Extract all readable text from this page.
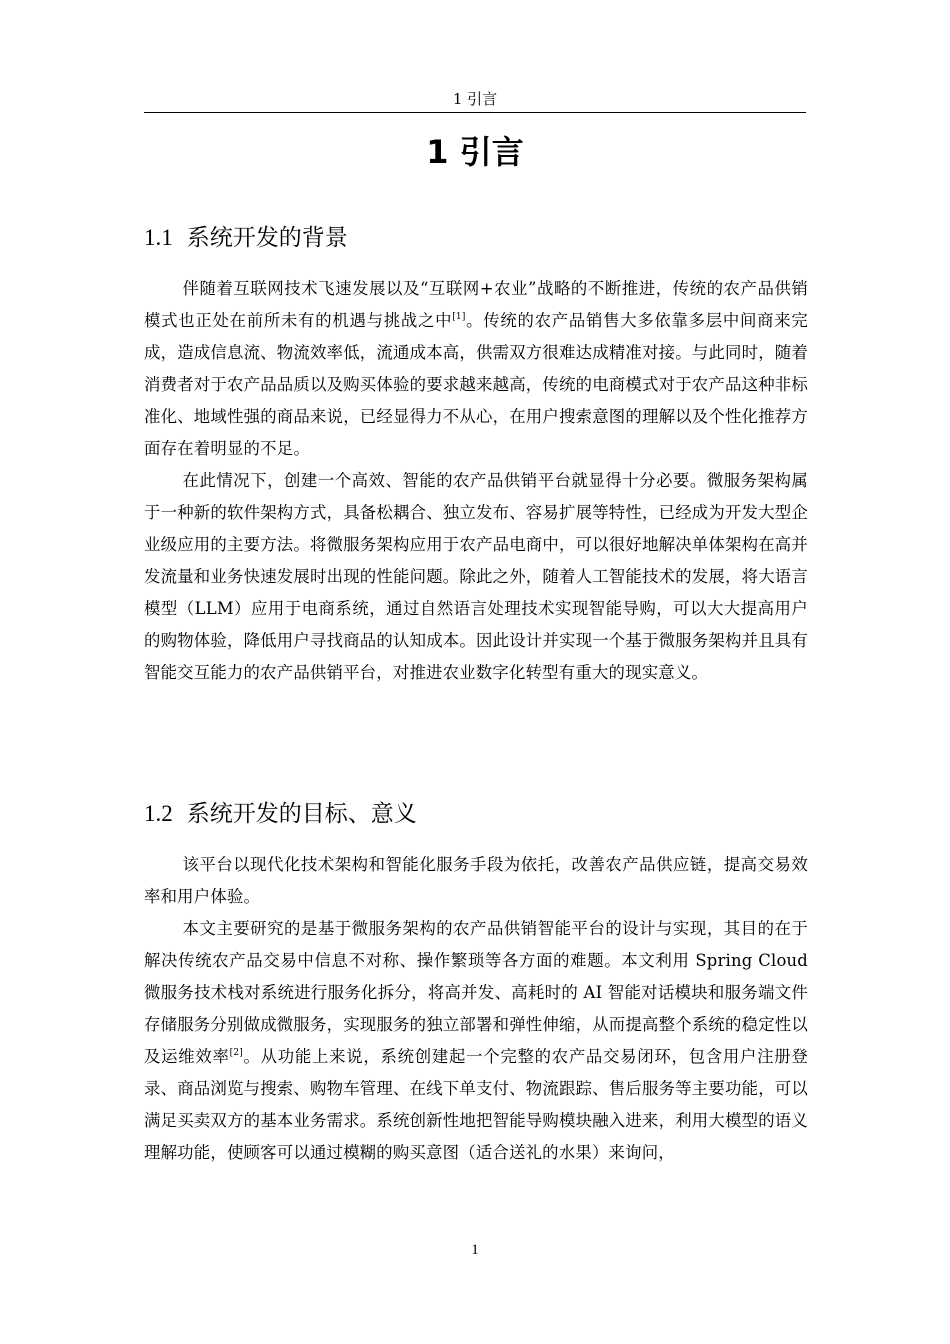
1 引言
1 引言
1.1 系统开发的背景

伴随着互联网技术飞速发展以及“互联网+农业”战略的不断推进，传统的农产品供销模式也正处在前所未有的机遇与挑战之中[1]。传统的农产品销售大多依靠多层中间商来完成，造成信息流、物流效率低，流通成本高，供需双方很难达成精准对接。与此同时，随着消费者对于农产品品质以及购买体验的要求越来越高，传统的电商模式对于农产品这种非标准化、地域性强的商品来说，已经显得力不从心，在用户搜索意图的理解以及个性化推荐方面存在着明显的不足。

在此情况下，创建一个高效、智能的农产品供销平台就显得十分必要。微服务架构属于一种新的软件架构方式，具备松耦合、独立发布、容易扩展等特性，已经成为开发大型企业级应用的主要方法。将微服务架构应用于农产品电商中，可以很好地解决单体架构在高并发流量和业务快速发展时出现的性能问题。除此之外，随着人工智能技术的发展，将大语言模型（LLM）应用于电商系统，通过自然语言处理技术实现智能导购，可以大大提高用户的购物体验，降低用户寻找商品的认知成本。因此设计并实现一个基于微服务架构并且具有智能交互能力的农产品供销平台，对推进农业数字化转型有重大的现实意义。

1.2 系统开发的目标、意义

该平台以现代化技术架构和智能化服务手段为依托，改善农产品供应链，提高交易效率和用户体验。

本文主要研究的是基于微服务架构的农产品供销智能平台的设计与实现，其目的在于解决传统农产品交易中信息不对称、操作繁琐等各方面的难题。本文利用 Spring Cloud 微服务技术栈对系统进行服务化拆分，将高并发、高耗时的 AI 智能对话模块和服务端文件存储服务分别做成微服务，实现服务的独立部署和弹性伸缩，从而提高整个系统的稳定性以及运维效率[2]。从功能上来说，系统创建起一个完整的农产品交易闭环，包含用户注册登录、商品浏览与搜索、购物车管理、在线下单支付、物流跟踪、售后服务等主要功能，可以满足买卖双方的基本业务需求。系统创新性地把智能导购模块融入进来，利用大模型的语义理解功能，使顾客可以通过模糊的购买意图（适合送礼的水果）来询问，

1
